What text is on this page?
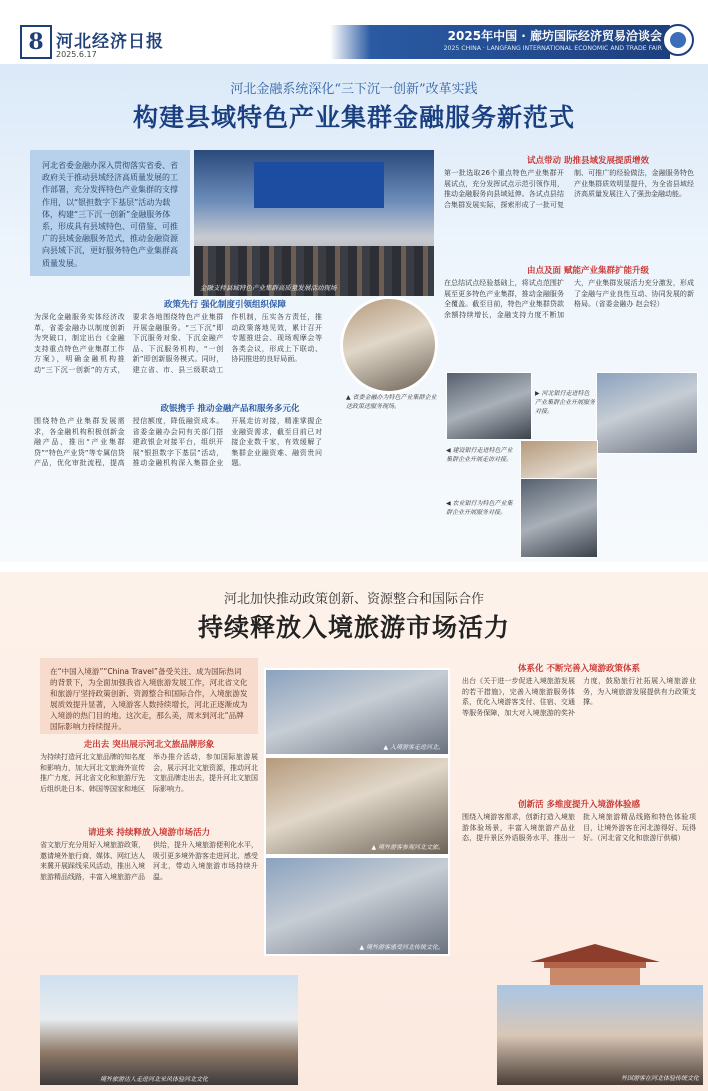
8 河北经济日报
2025.6.17
2025年中国 · 廊坊国际经济贸易洽谈会
2025 CHINA · LANGFANG INTERNATIONAL ECONOMIC AND TRADE FAIR
河北金融系统深化“三下沉一创新”改革实践
构建县域特色产业集群金融服务新范式
河北省委金融办深入贯彻落实省委、省政府关于推动县域经济高质量发展的工作部署，充分发挥特色产业集群的支撑作用，以“银担数字下基层”活动为载体，构建“三下沉一创新”金融服务体系，形成具有县域特色、可借鉴、可推广的县域金融服务范式，推动金融资源向县域下沉，更好服务特色产业集群高质量发展。
金融支持县域特色产业集群高质量发展活动现场
政策先行 强化制度引领组织保障
为深化金融服务实体经济改革，省委金融办以制度创新为突破口，制定出台《金融支持重点特色产业集群工作方案》，明确金融机构推动“三下沉一创新”的方式，要求各地围绕特色产业集群开展金融服务。“三下沉”即下沉服务对象、下沉金融产品、下沉服务机构，“一创新”即创新服务模式。同时，建立省、市、县三级联动工作机制，压实各方责任，推动政策落地见效，累计召开专题推进会、现场观摩会等各类会议，形成上下联动、协同推进的良好局面。
政银携手 推动金融产品和服务多元化
围绕特色产业集群发展需求，各金融机构积极创新金融产品，推出“产业集群贷”“特色产业贷”等专属信贷产品，优化审批流程，提高授信额度，降低融资成本。省委金融办会同有关部门搭建政银企对接平台，组织开展“银担数字下基层”活动，推动金融机构深入集群企业开展走访对接，精准掌握企业融资需求，截至目前已对接企业数千家，有效缓解了集群企业融资难、融资贵问题。
▲ 省委金融办为特色产业集群企业送政策送服务现场。
试点带动 助推县域发展提质增效
第一批选取26个重点特色产业集群开展试点，充分发挥试点示范引领作用，推动金融服务向县域延伸。各试点县结合集群发展实际，探索形成了一批可复制、可推广的经验做法，金融服务特色产业集群质效明显提升，为全省县域经济高质量发展注入了强劲金融动能。
由点及面 赋能产业集群扩能升级
在总结试点经验基础上，将试点范围扩展至更多特色产业集群，推动金融服务全覆盖。截至目前，特色产业集群贷款余额持续增长，金融支持力度不断加大，产业集群发展活力充分激发，形成了金融与产业良性互动、协同发展的新格局。（省委金融办 赵会轻）
▶ 河北银行走进特色产业集群企业开展服务对接。
◀ 建设银行走进特色产业集群企业开展走访对接。
◀ 农业银行为特色产业集群企业开展服务对接。
河北加快推动政策创新、资源整合和国际合作
持续释放入境旅游市场活力
在“中国入境游”“China Travel”备受关注、成为国际热词的背景下，为全面加强我省入境旅游发展工作，河北省文化和旅游厅坚持政策创新、资源整合和国际合作，入境旅游发展质效提升显著，入境游客人数持续增长，河北正逐渐成为入境游的热门目的地。这次走，那么美，周末到河北“品牌国际影响力持续提升。
走出去 突出展示河北文旅品牌形象
为持续打造河北文旅品牌的知名度和影响力，加大河北文旅海外宣传推广力度，河北省文化和旅游厅先后组织赴日本、韩国等国家和地区举办推介活动，参加国际旅游展会，展示河北文旅资源，推动河北文旅品牌走出去，提升河北文旅国际影响力。
请进来 持续释放入境游市场活力
省文旅厅充分用好入境旅游政策，邀请境外旅行商、媒体、网红达人来冀开展踩线采风活动，推出入境旅游精品线路，丰富入境旅游产品供给，提升入境旅游便利化水平，吸引更多境外游客走进河北、感受河北，带动入境旅游市场持续升温。
▲ 入境游客走进河北。
▲ 境外游客参观河北文旅。
▲ 境外游客感受河北传统文化。
体系化 不断完善入境游政策体系
出台《关于进一步促进入境旅游发展的若干措施》，完善入境旅游服务体系，优化入境游客支付、住宿、交通等服务保障，加大对入境旅游的奖补力度，鼓励旅行社拓展入境旅游业务，为入境旅游发展提供有力政策支撑。
创新活 多维度提升入境游体验感
围绕入境游客需求，创新打造入境旅游体验场景，丰富入境旅游产品业态，提升景区外语服务水平，推出一批入境旅游精品线路和特色体验项目，让境外游客在河北游得好、玩得好。（河北省文化和旅游厅供稿）
境外旅游达人走进河北采风体验河北文化	外国游客在河北体验传统文化
